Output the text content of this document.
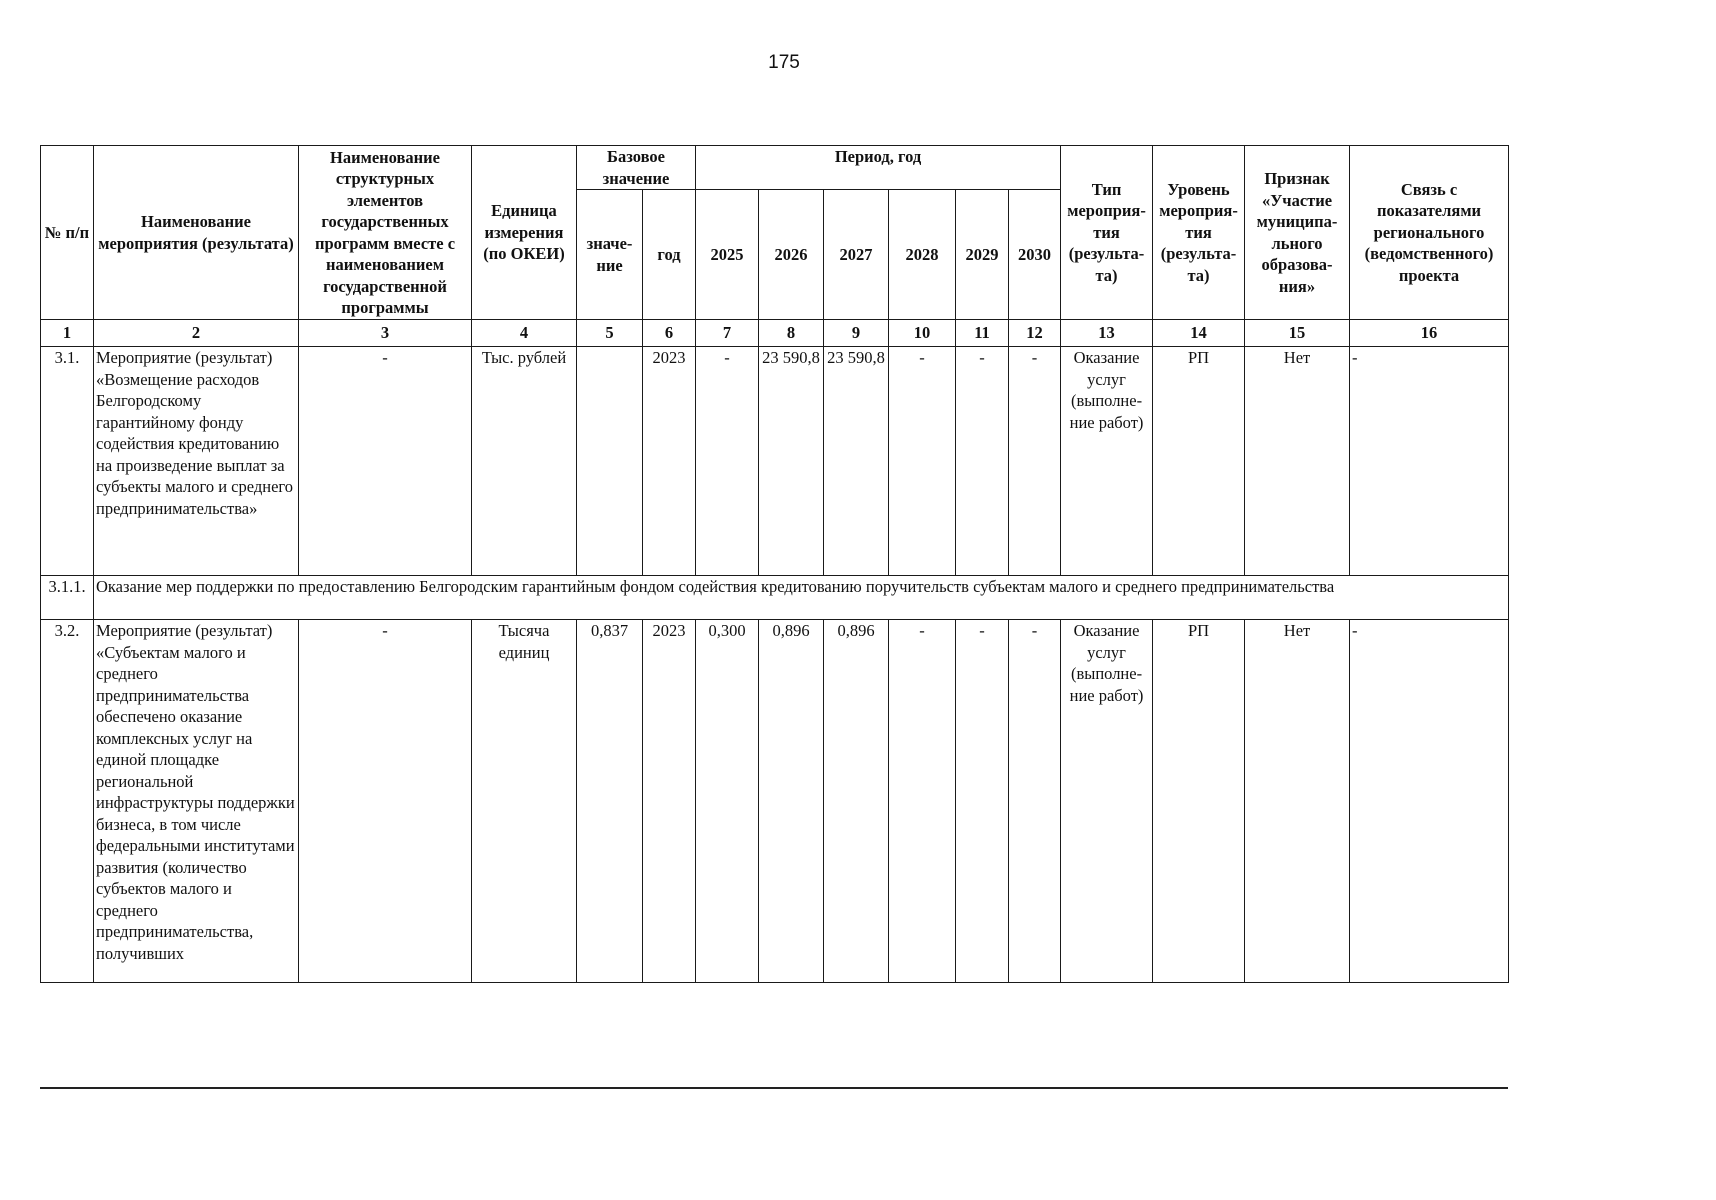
175
№ п/п	Наименование мероприятия (результата)	Наименование структурных элементов государственных программ вместе с наименованием государственной программы	Единица измерения (по ОКЕИ)	Базовое значение		Период, год						Тип мероприя-тия (результа-та)	Уровень мероприя-тия (результа-та)	Признак «Участие муниципа-льного образова-ния»	Связь с показателями регионального (ведомственного) проекта
				значе-ние	год	2025	2026	2027	2028	2029	2030				
1	2	3	4	5	6	7	8	9	10	11	12	13	14	15	16
3.1.	Мероприятие (результат) «Возмещение расходов Белгородскому гарантийному фонду содействия кредитованию на произведение выплат за субъекты малого и среднего предпринимательства»	-	Тыс. рублей		2023	-	23 590,8	23 590,8	-	-	-	Оказание услуг (выполне-ние работ)	РП	Нет	-
3.1.1.	Оказание мер поддержки по предоставлению Белгородским гарантийным фондом содействия кредитованию поручительств субъектам малого и среднего предпринимательства														
3.2.	Мероприятие (результат) «Субъектам малого и среднего предпринимательства обеспечено оказание комплексных услуг на единой площадке региональной инфраструктуры поддержки бизнеса, в том числе федеральными институтами развития (количество субъектов малого и среднего предпринимательства, получивших	-	Тысяча единиц	0,837	2023	0,300	0,896	0,896	-	-	-	Оказание услуг (выполне-ние работ)	РП	Нет	-
